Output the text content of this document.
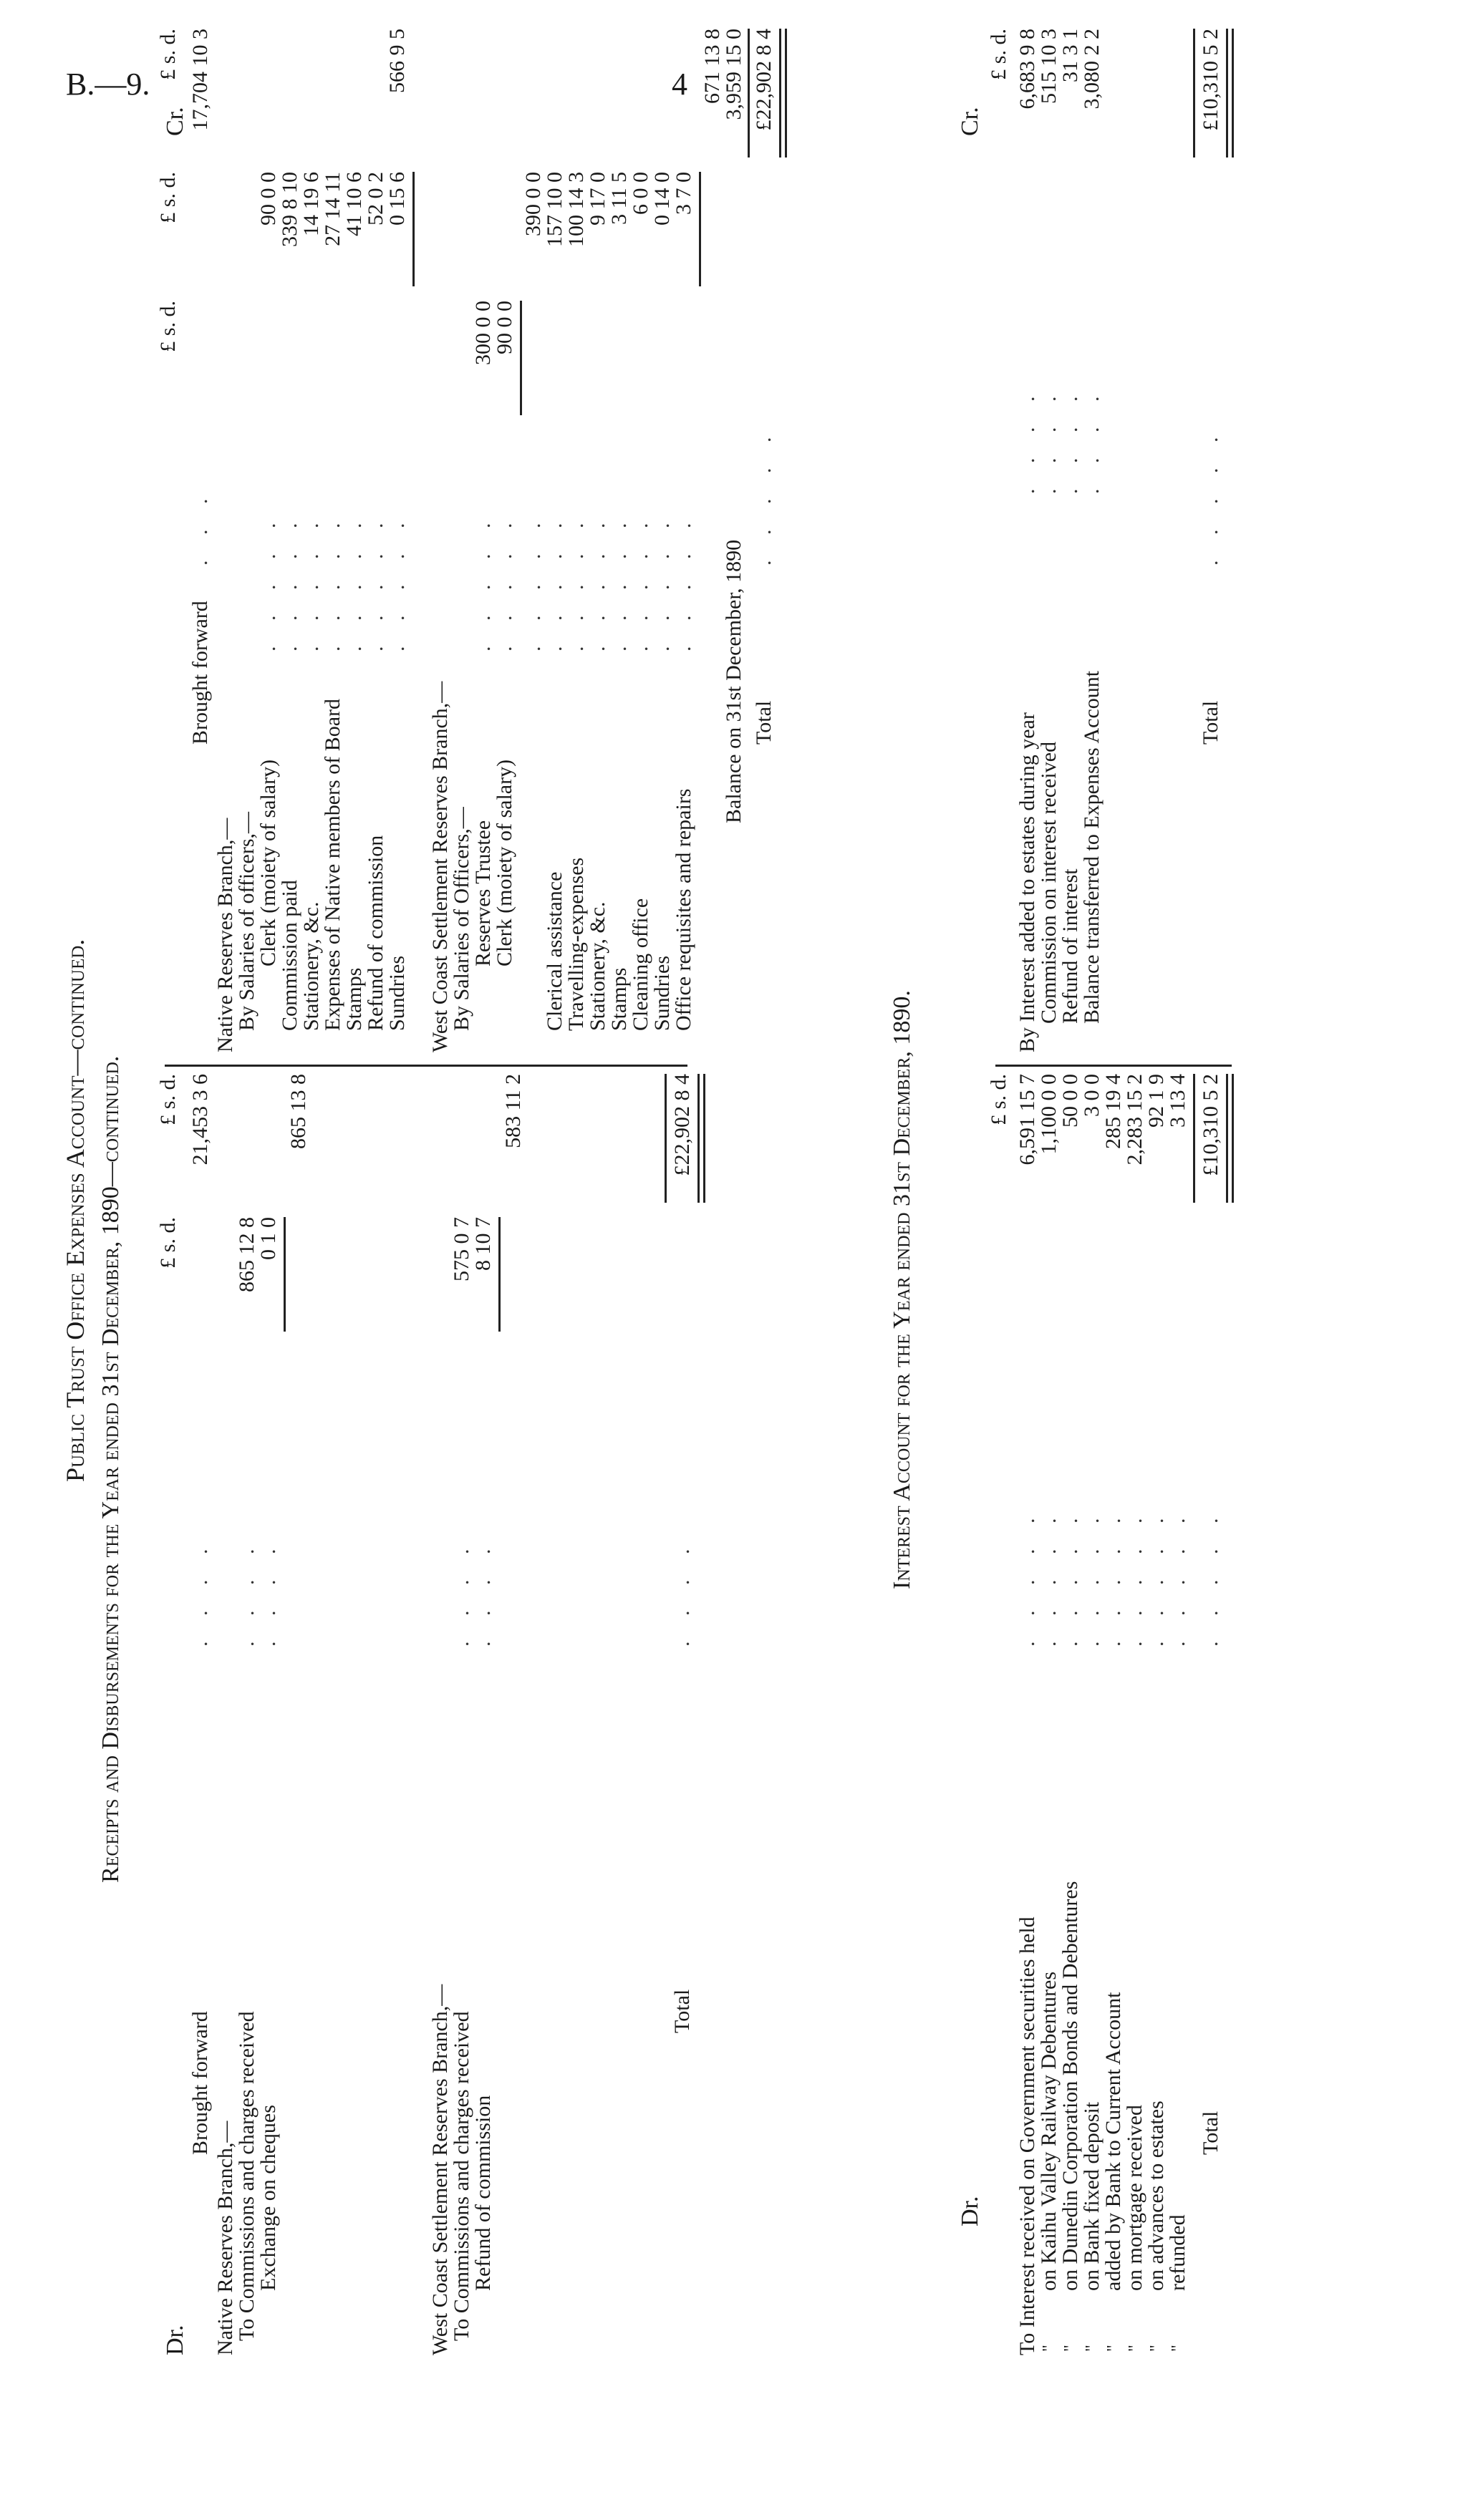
B.—9.	4
Public Trust Office Expenses Account—continued. Receipts and Disbursements for the Year ended 31st December, 1890—continued.
Dr.
Cr.
£ s. d.
£ s. d.
£ s. d.
£ s. d.
£ s. d.
Brought forward
. . . .
21,453 3 6
Native Reserves Branch,—
To Commissions and charges received
. . . .
865 12 8
Exchange on cheques
. . . .
0 1 0
865 13 8
West Coast Settlement Reserves Branch,—
To Commissions and charges received
. . . .
575 0 7
Refund of commission
. . . .
8 10 7
583 11 2
Total
. . . .
£22,902 8 4
Brought forward
. . .
17,704 10 3
Native Reserves Branch,—
By Salaries of officers,—
Clerk (moiety of salary)
90 0 0
Commission paid
339 8 10
Stationery, &c.
14 19 6
Expenses of Native members of Board
27 14 11
Stamps
41 10 6
Refund of commission
52 0 2
Sundries
0 15 6
. . . . .
. . . . .
. . . . .
. . . . .
. . . . .
. . . . .
. . . . .
566 9 5
West Coast Settlement Reserves Branch,—
By Salaries of Officers,—
Reserves Trustee
300 0 0
Clerk (moiety of salary)
90 0 0
. . . . .
. . . . .
390 0 0
Clerical assistance
157 10 0
Travelling-expenses
100 14 3
Stationery, &c.
9 17 0
Stamps
3 11 5
Cleaning office
6 0 0
Sundries
0 14 0
Office requisites and repairs
3 7 0
. . . . .
. . . . .
. . . . .
. . . . .
. . . . .
. . . . .
. . . . .
. . . . .
671 13 8
Balance on 31st December, 1890
3,959 15 0
Total
. . . . .
£22,902 8 4
Interest Account for the Year ended 31st December, 1890.
Dr.
Cr.
£ s. d.
£ s. d.
To Interest received on Government securities held
6,591 15 7
"
on Kaihu Valley Railway Debentures
1,100 0 0
"
on Dunedin Corporation Bonds and Debentures
50 0 0
"
on Bank fixed deposit
3 0 0
"
added by Bank to Current Account
285 19 4
"
on mortgage received
2,283 15 2
"
on advances to estates
92 1 9
"
refunded
3 13 4
. . . . .
. . . . .
. . . . .
. . . . .
. . . . .
. . . . .
. . . . .
. . . . .
Total
. . . . .
£10,310 5 2
By Interest added to estates during year
6,683 9 8
Commission on interest received
515 10 3
Refund of interest
31 3 1
Balance transferred to Expenses Account
3,080 2 2
. . . .
. . . .
. . . .
. . . .
Total
. . . . .
£10,310 5 2
